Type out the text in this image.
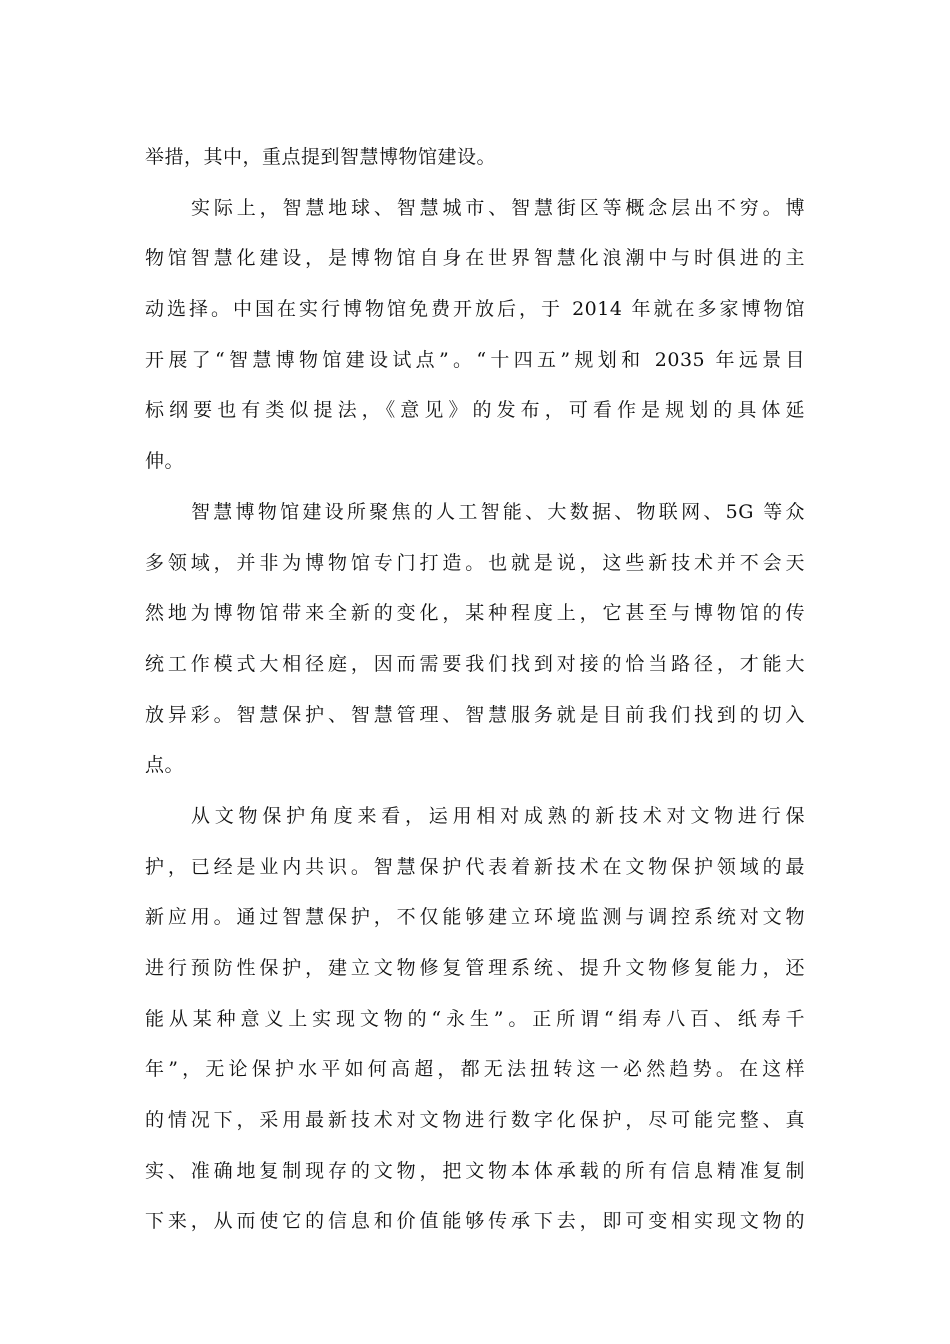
举措，其中，重点提到智慧博物馆建设。
实际上，智慧地球、智慧城市、智慧街区等概念层出不穷。博
物馆智慧化建设，是博物馆自身在世界智慧化浪潮中与时俱进的主
动选择。中国在实行博物馆免费开放后，于 2014 年就在多家博物馆
开展了“智慧博物馆建设试点”。“十四五”规划和 2035 年远景目
标纲要也有类似提法，《意见》的发布，可看作是规划的具体延
伸。
智慧博物馆建设所聚焦的人工智能、大数据、物联网、5G 等众
多领域，并非为博物馆专门打造。也就是说，这些新技术并不会天
然地为博物馆带来全新的变化，某种程度上，它甚至与博物馆的传
统工作模式大相径庭，因而需要我们找到对接的恰当路径，才能大
放异彩。智慧保护、智慧管理、智慧服务就是目前我们找到的切入
点。
从文物保护角度来看，运用相对成熟的新技术对文物进行保
护，已经是业内共识。智慧保护代表着新技术在文物保护领域的最
新应用。通过智慧保护，不仅能够建立环境监测与调控系统对文物
进行预防性保护，建立文物修复管理系统、提升文物修复能力，还
能从某种意义上实现文物的“永生”。正所谓“绢寿八百、纸寿千
年”，无论保护水平如何高超，都无法扭转这一必然趋势。在这样
的情况下，采用最新技术对文物进行数字化保护，尽可能完整、真
实、准确地复制现存的文物，把文物本体承载的所有信息精准复制
下来，从而使它的信息和价值能够传承下去，即可变相实现文物的
